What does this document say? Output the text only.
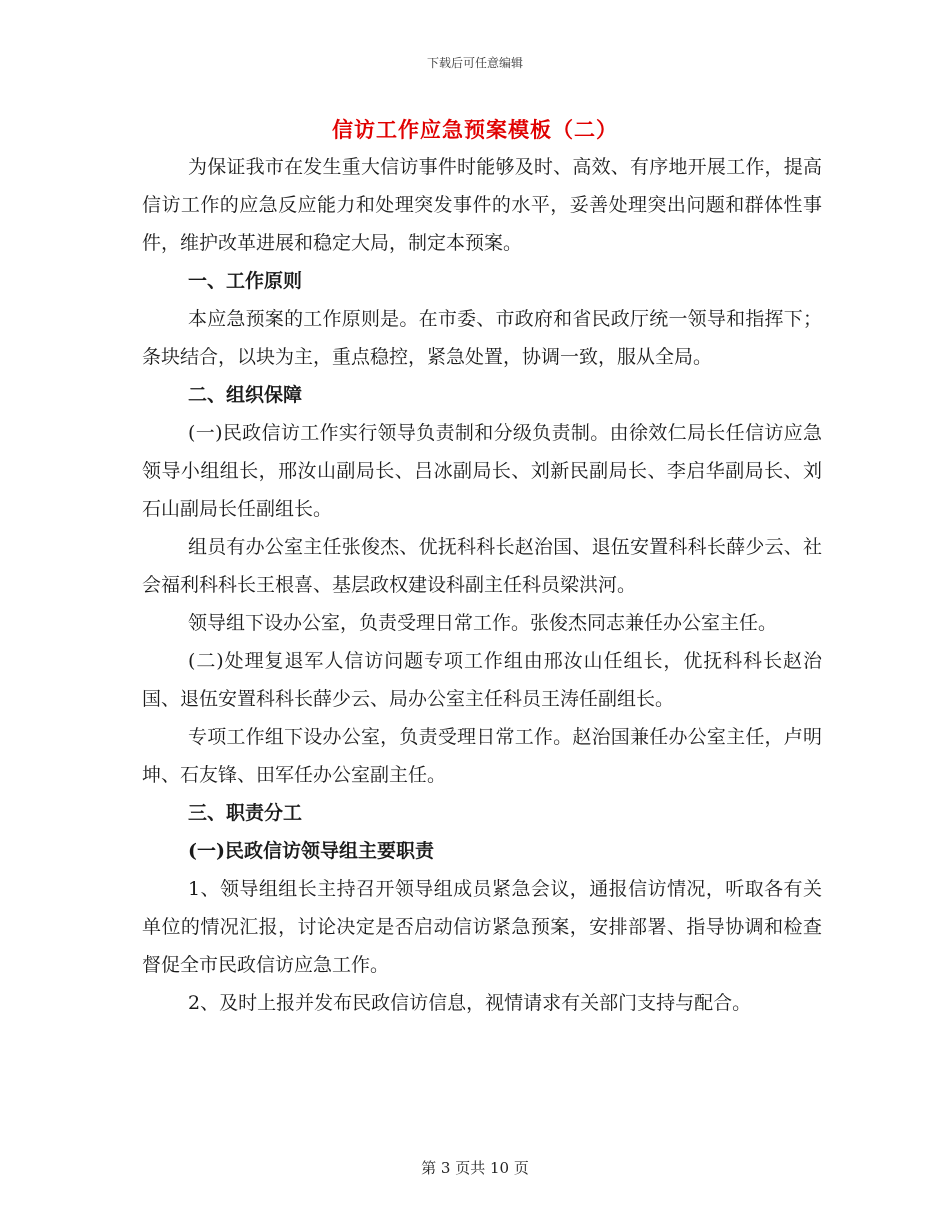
下载后可任意编辑
信访工作应急预案模板（二）

为保证我市在发生重大信访事件时能够及时、高效、有序地开展工作，提高信访工作的应急反应能力和处理突发事件的水平，妥善处理突出问题和群体性事件，维护改革进展和稳定大局，制定本预案。

一、工作原则

本应急预案的工作原则是。在市委、市政府和省民政厅统一领导和指挥下；条块结合，以块为主，重点稳控，紧急处置，协调一致，服从全局。

二、组织保障

(一)民政信访工作实行领导负责制和分级负责制。由徐效仁局长任信访应急领导小组组长，邢汝山副局长、吕冰副局长、刘新民副局长、李启华副局长、刘石山副局长任副组长。

组员有办公室主任张俊杰、优抚科科长赵治国、退伍安置科科长薛少云、社会福利科科长王根喜、基层政权建设科副主任科员梁洪河。

领导组下设办公室，负责受理日常工作。张俊杰同志兼任办公室主任。

(二)处理复退军人信访问题专项工作组由邢汝山任组长，优抚科科长赵治国、退伍安置科科长薛少云、局办公室主任科员王涛任副组长。

专项工作组下设办公室，负责受理日常工作。赵治国兼任办公室主任，卢明坤、石友锋、田军任办公室副主任。

三、职责分工

(一)民政信访领导组主要职责

1、领导组组长主持召开领导组成员紧急会议，通报信访情况，听取各有关单位的情况汇报，讨论决定是否启动信访紧急预案，安排部署、指导协调和检查督促全市民政信访应急工作。

2、及时上报并发布民政信访信息，视情请求有关部门支持与配合。

第 3 页共 10 页
